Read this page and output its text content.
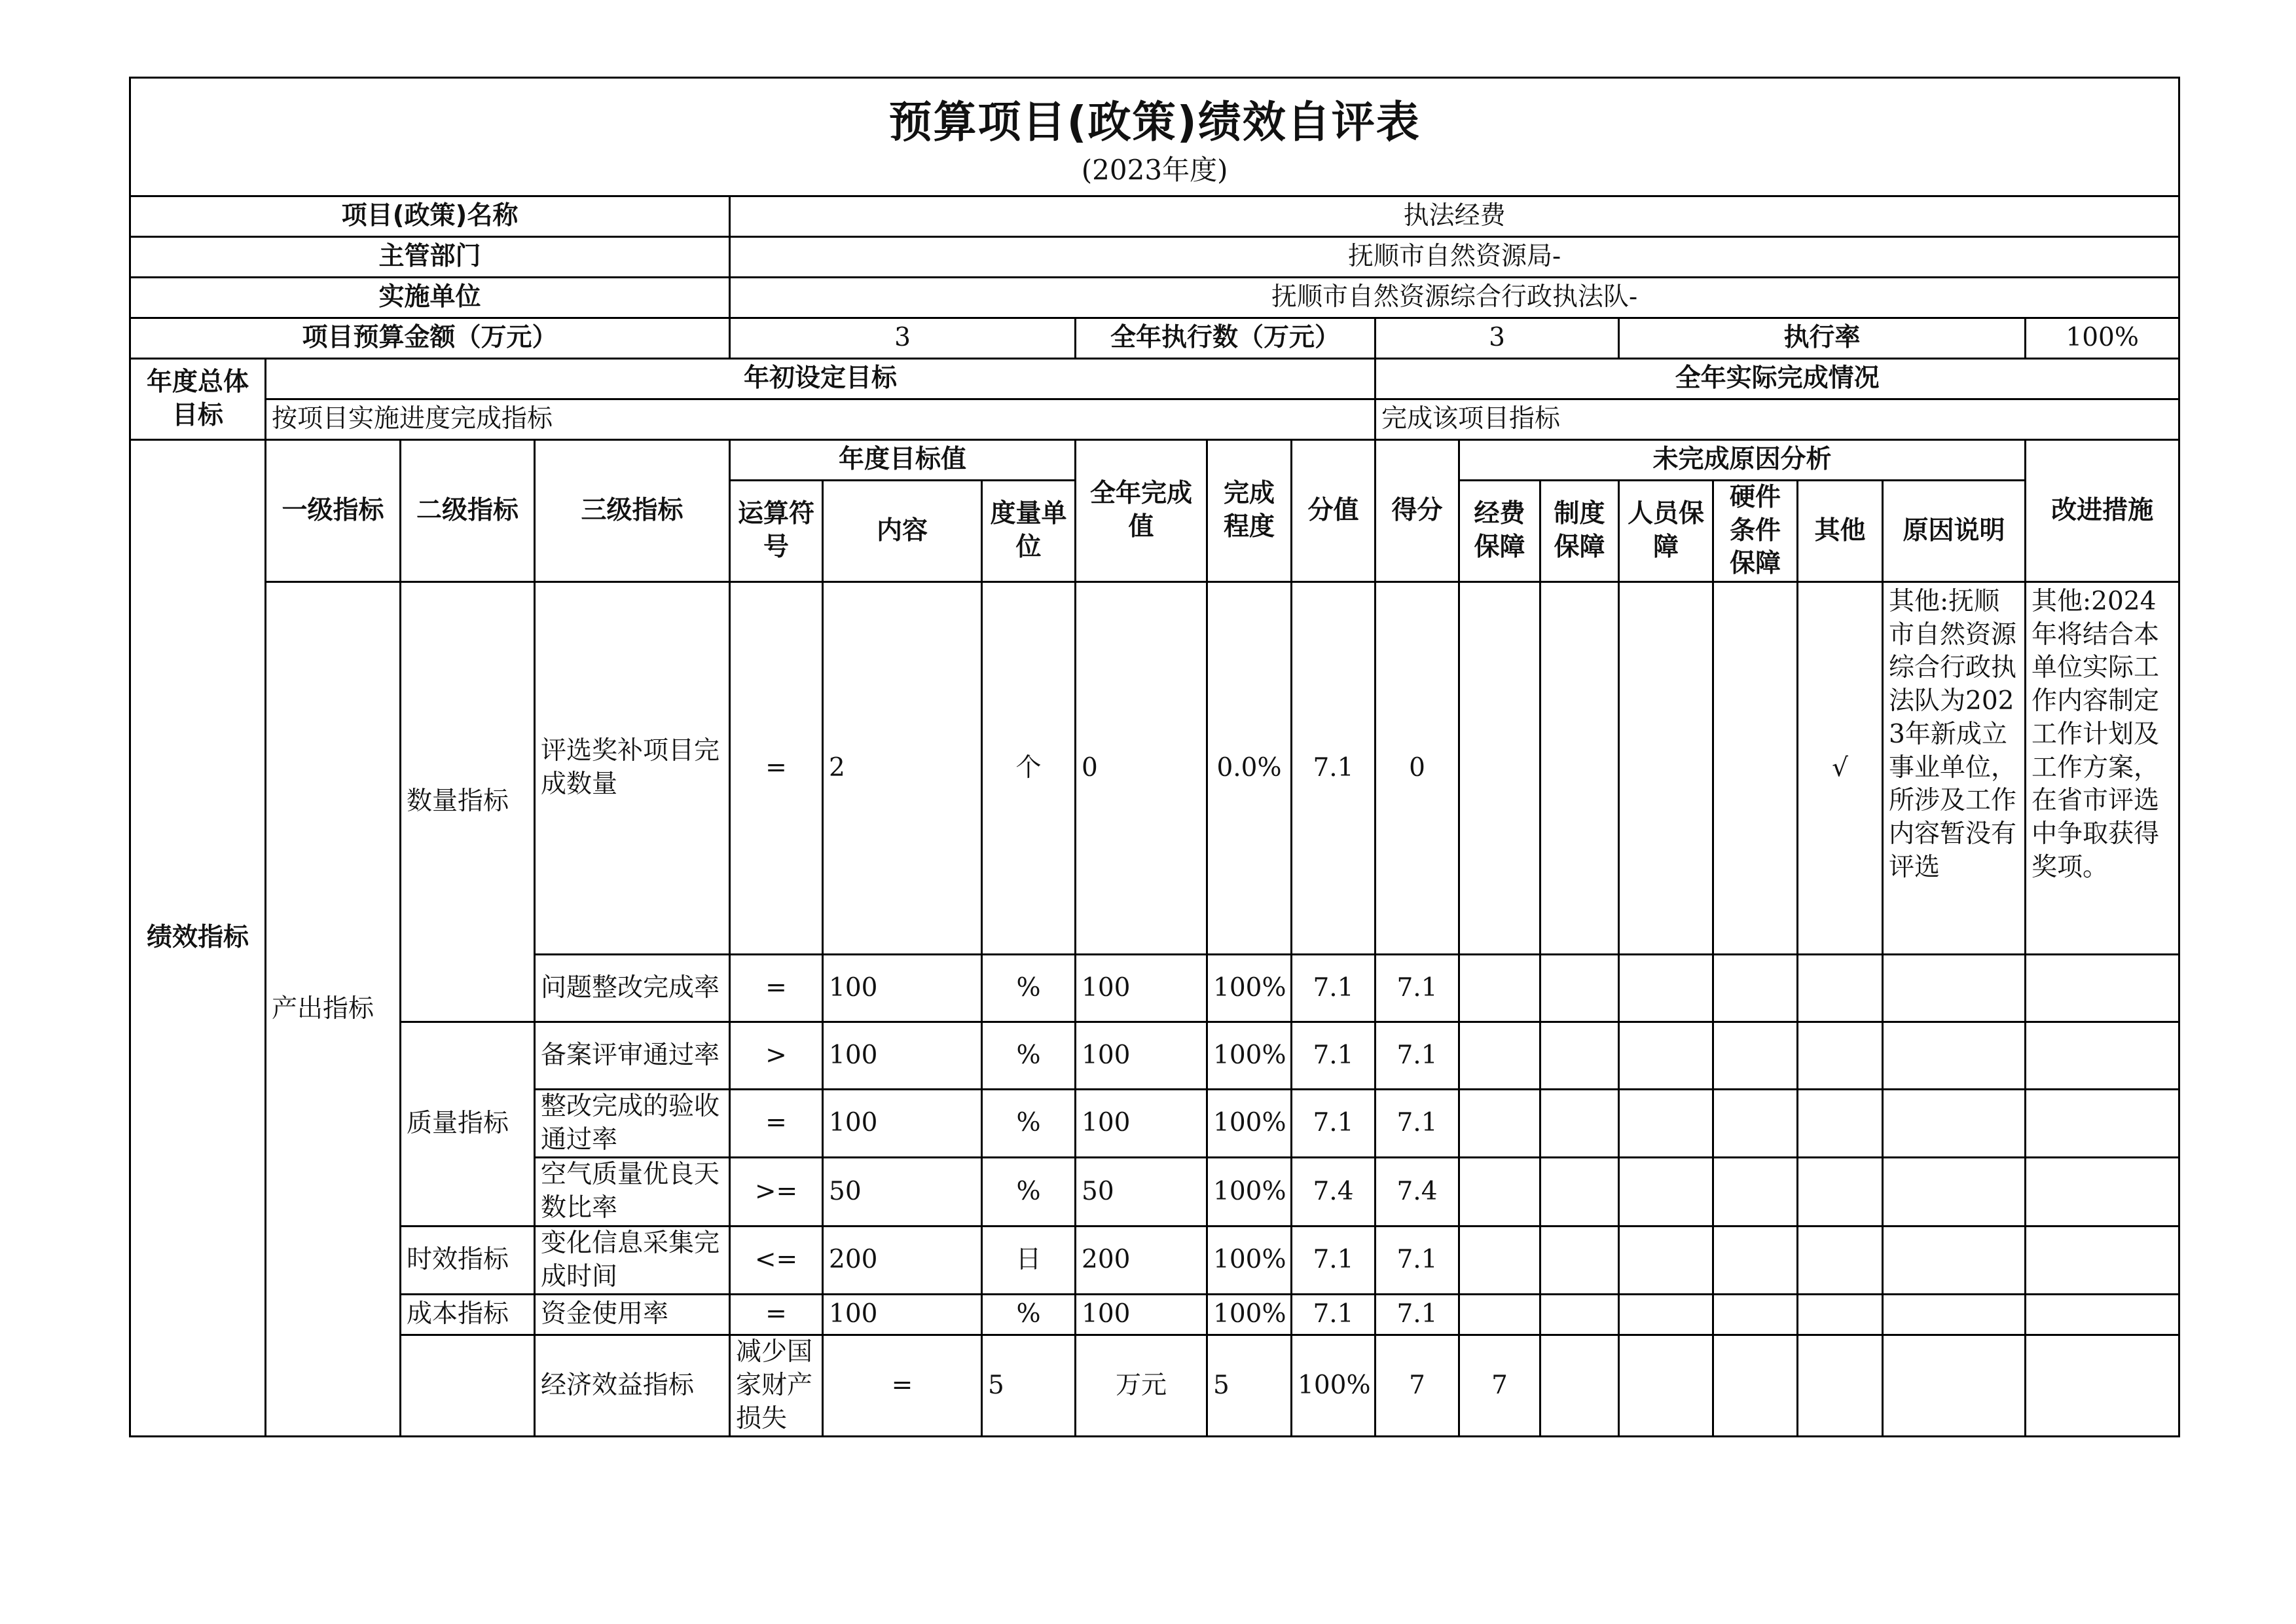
预算项目(政策)绩效自评表
(2023年度)																		

项目(政策)名称				执法经费														
主管部门				抚顺市自然资源局-														
实施单位				抚顺市自然资源综合行政执法队-														
项目预算金额（万元）				3			全年执行数（万元）			3			执行率				100%	
年度总体目标	年初设定目标									全年实际完成情况								
	按项目实施进度完成指标									完成该项目指标								
绩效指标	一级指标	二级指标	三级指标	年度目标值			全年完成值	完成程度	分值	得分	未完成原因分析						改进措施	
				运算符号	内容	度量单位					经费保障	制度保障	人员保障	硬件条件保障	其他	原因说明		
	产出指标	数量指标	评选奖补项目完成数量	=	2	个	0	0.0%	7.1	0					√	其他:抚顺市自然资源综合行政执法队为2023年新成立事业单位，所涉及工作内容暂没有评选	其他:2024年将结合本单位实际工作内容制定工作计划及工作方案，在省市评选中争取获得奖项。	
			问题整改完成率	=	100	%	100	100%	7.1	7.1								
		质量指标	备案评审通过率	>	100	%	100	100%	7.1	7.1								
			整改完成的验收通过率	=	100	%	100	100%	7.1	7.1								
			空气质量优良天数比率	>=	50	%	50	100%	7.4	7.4								
		时效指标	变化信息采集完成时间	<=	200	日	200	100%	7.1	7.1								
		成本指标	资金使用率	=	100	%	100	100%	7.1	7.1								
			经济效益指标	减少国家财产损失	=	5	万元	5	100%	7	7							
